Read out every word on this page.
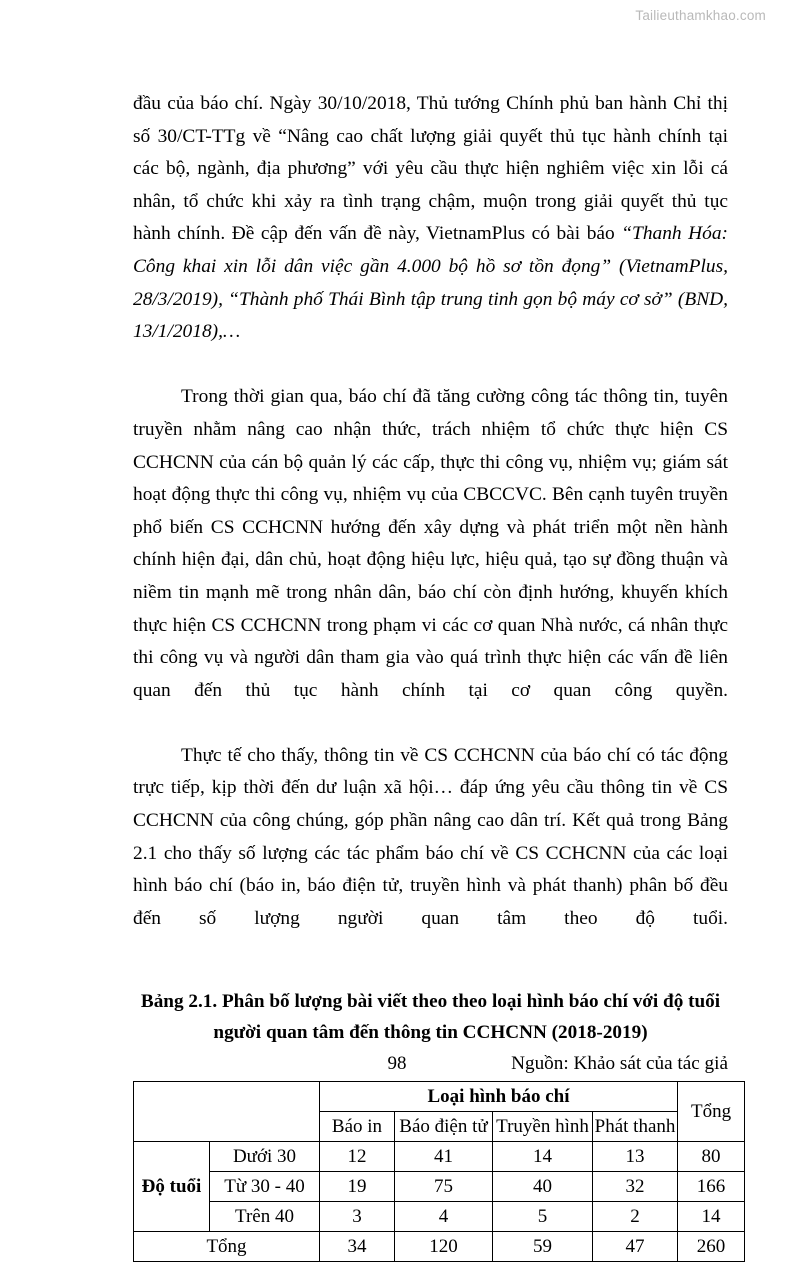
Tailieuthamkhao.com

đầu của báo chí. Ngày 30/10/2018, Thủ tướng Chính phủ ban hành Chỉ thị số 30/CT-TTg về “Nâng cao chất lượng giải quyết thủ tục hành chính tại các bộ, ngành, địa phương” với yêu cầu thực hiện nghiêm việc xin lỗi cá nhân, tổ chức khi xảy ra tình trạng chậm, muộn trong giải quyết thủ tục hành chính. Đề cập đến vấn đề này, VietnamPlus có bài báo “Thanh Hóa: Công khai xin lỗi dân việc gần 4.000 bộ hồ sơ tồn đọng” (VietnamPlus, 28/3/2019), “Thành phố Thái Bình tập trung tinh gọn bộ máy cơ sở” (BND, 13/1/2018),…

Trong thời gian qua, báo chí đã tăng cường công tác thông tin, tuyên truyền nhằm nâng cao nhận thức, trách nhiệm tổ chức thực hiện CS CCHCNN của cán bộ quản lý các cấp, thực thi công vụ, nhiệm vụ; giám sát hoạt động thực thi công vụ, nhiệm vụ của CBCCVC. Bên cạnh tuyên truyền phổ biến CS CCHCNN hướng đến xây dựng và phát triển một nền hành chính hiện đại, dân chủ, hoạt động hiệu lực, hiệu quả, tạo sự đồng thuận và niềm tin mạnh mẽ trong nhân dân, báo chí còn định hướng, khuyến khích thực hiện CS CCHCNN trong phạm vi các cơ quan Nhà nước, cá nhân thực thi công vụ và người dân tham gia vào quá trình thực hiện các vấn đề liên quan đến thủ tục hành chính tại cơ quan công quyền.

Thực tế cho thấy, thông tin về CS CCHCNN của báo chí có tác động trực tiếp, kịp thời đến dư luận xã hội… đáp ứng yêu cầu thông tin về CS CCHCNN của công chúng, góp phần nâng cao dân trí. Kết quả trong Bảng 2.1 cho thấy số lượng các tác phẩm báo chí về CS CCHCNN của các loại hình báo chí (báo in, báo điện tử, truyền hình và phát thanh) phân bố đều đến số lượng người quan tâm theo độ tuổi.

Bảng 2.1. Phân bố lượng bài viết theo theo loại hình báo chí với độ tuổi
người quan tâm đến thông tin CCHCNN (2018-2019)
Nguồn: Khảo sát của tác giả
		Loại hình báo chí				Tổng
		Báo in	Báo điện tử	Truyền hình	Phát thanh	
Độ tuổi	Dưới 30	12	41	14	13	80
	Từ 30 - 40	19	75	40	32	166
	Trên 40	3	4	5	2	14
Tổng		34	120	59	47	260
98
